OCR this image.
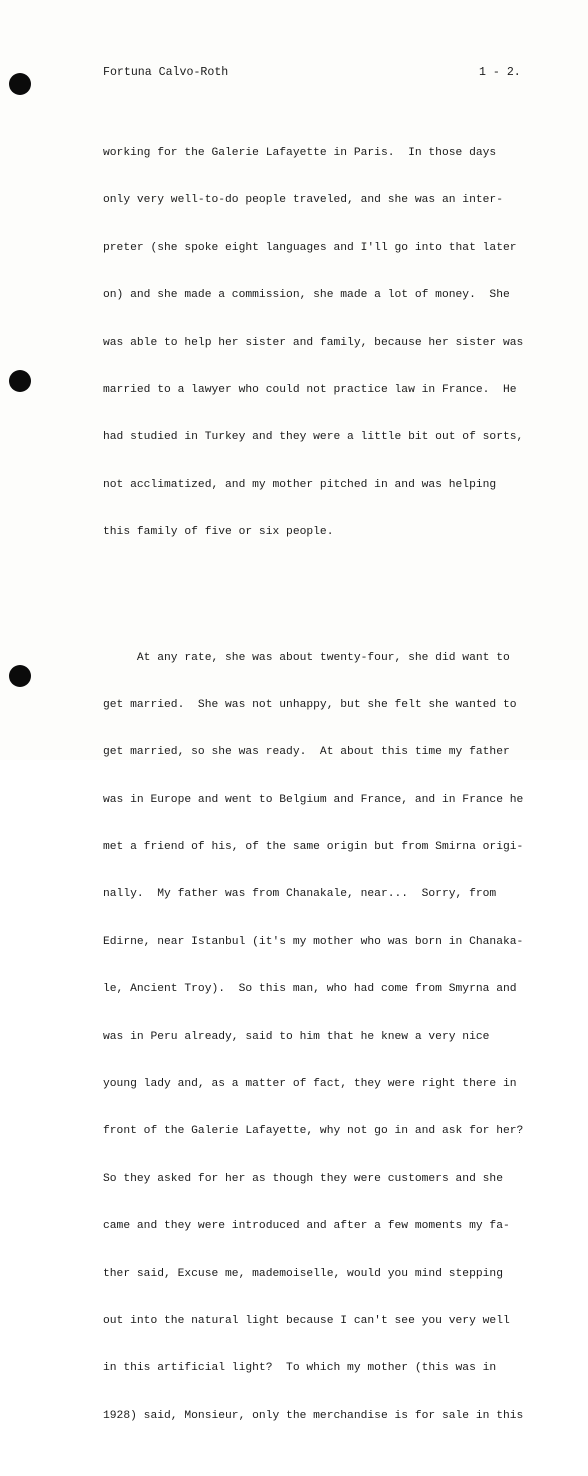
Fortuna Calvo-Roth	1 - 2.

working for the Galerie Lafayette in Paris.  In those days

only very well-to-do people traveled, and she was an inter-

preter (she spoke eight languages and I'll go into that later

on) and she made a commission, she made a lot of money.  She

was able to help her sister and family, because her sister was

married to a lawyer who could not practice law in France.  He

had studied in Turkey and they were a little bit out of sorts,

not acclimatized, and my mother pitched in and was helping

this family of five or six people.

At any rate, she was about twenty-four, she did want to

get married.  She was not unhappy, but she felt she wanted to

get married, so she was ready.  At about this time my father

was in Europe and went to Belgium and France, and in France he

met a friend of his, of the same origin but from Smirna origi-

nally.  My father was from Chanakale, near...  Sorry, from

Edirne, near Istanbul (it's my mother who was born in Chanaka-

le, Ancient Troy).  So this man, who had come from Smyrna and

was in Peru already, said to him that he knew a very nice

young lady and, as a matter of fact, they were right there in

front of the Galerie Lafayette, why not go in and ask for her?

So they asked for her as though they were customers and she

came and they were introduced and after a few moments my fa-

ther said, Excuse me, mademoiselle, would you mind stepping

out into the natural light because I can't see you very well

in this artificial light?  To which my mother (this was in

1928) said, Monsieur, only the merchandise is for sale in this
